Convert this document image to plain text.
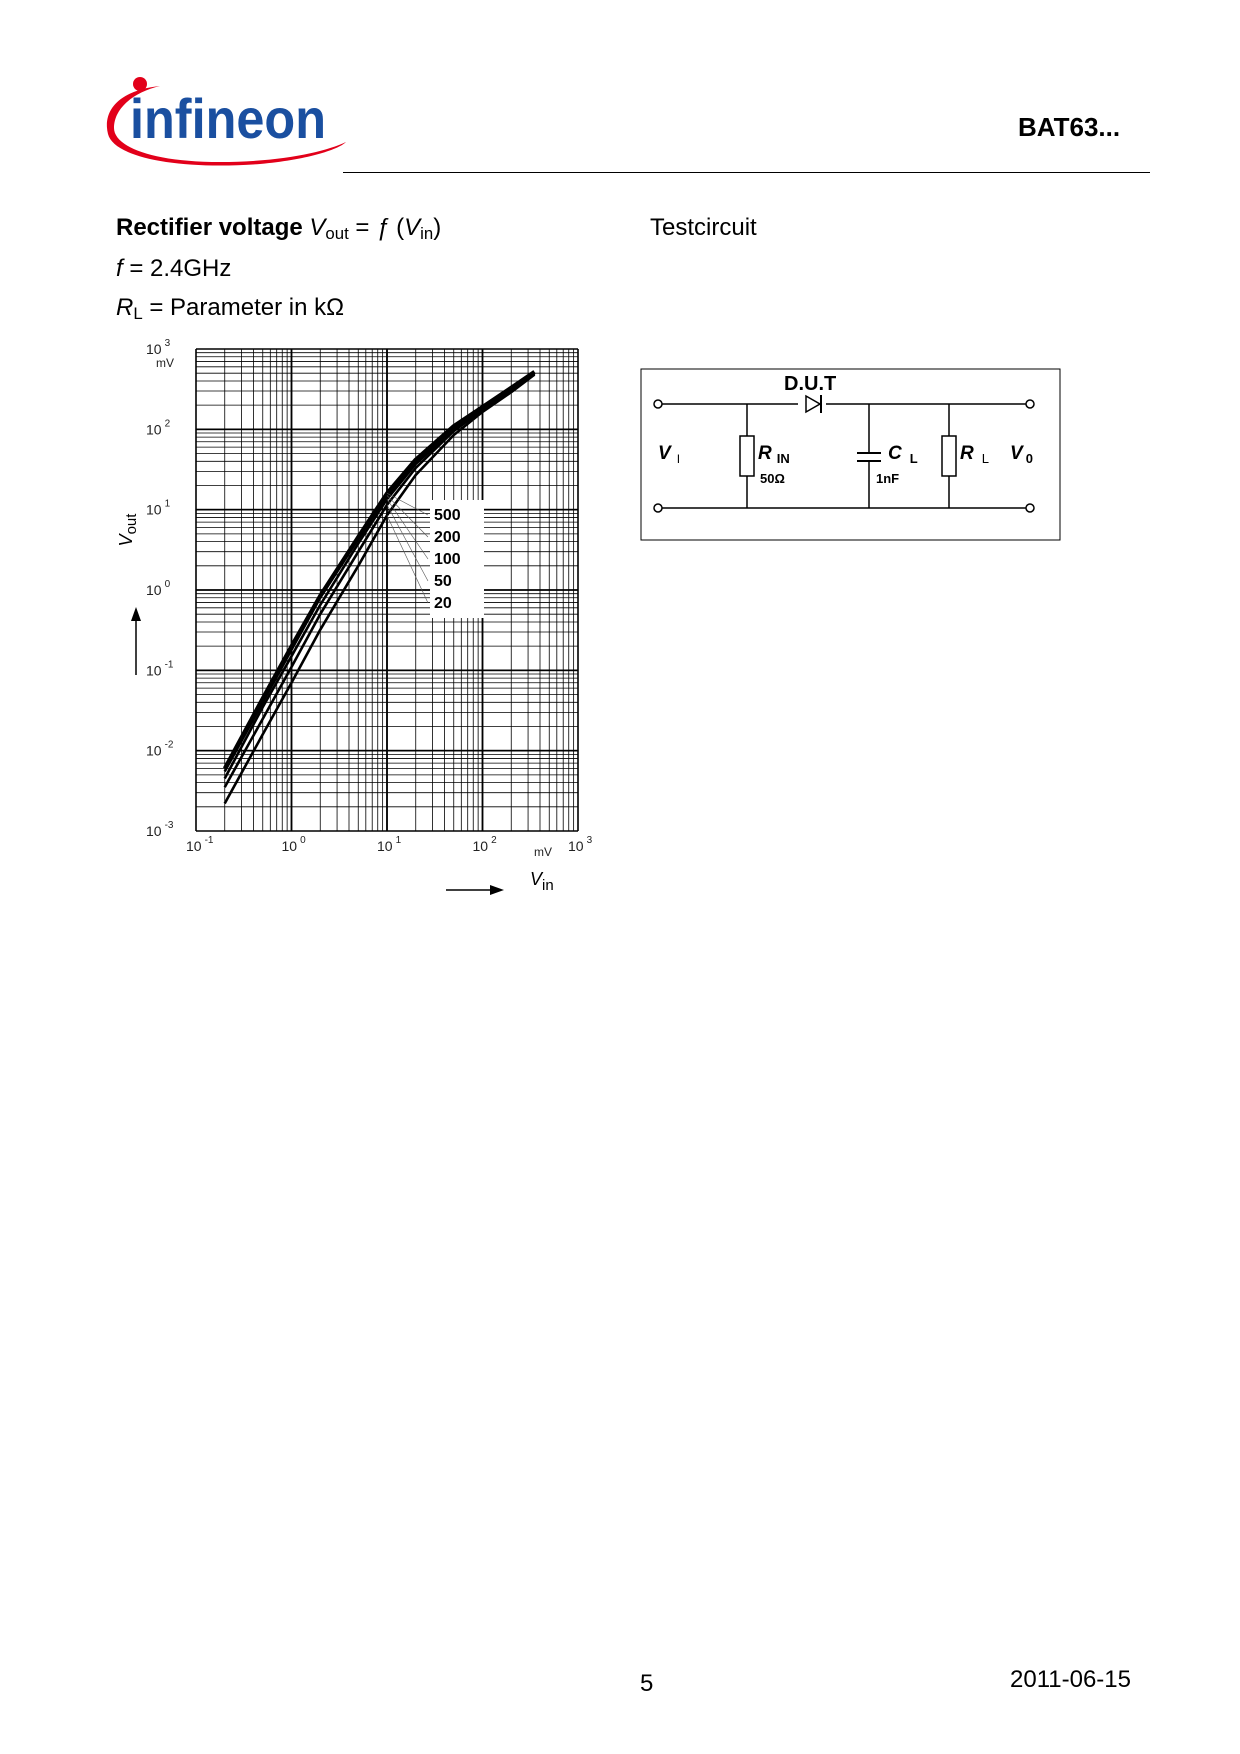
infineon	BAT63...
Rectifier voltage $V_{out}$ = ƒ $(V_{in})$
f = 2.4GHz
$R_L$ = Parameter in kΩ
500
200
100
50
20
10 $^{-1}$	10 $^0$	10 $^1$	10 $^2$	10 $^3$
10 $^{-3}$
10 $^{-2}$
10 $^{-1}$
10 $^0$
10 $^1$
10 $^2$
10 $^3$
$V_{out}$
$V_{in}$
mV
mV
Testcircuit
D.U.T
V $_I$	R $_{IN}$
50Ω
C $_L$
1nF
R $_L$ V $_0$
5	2011-06-15
